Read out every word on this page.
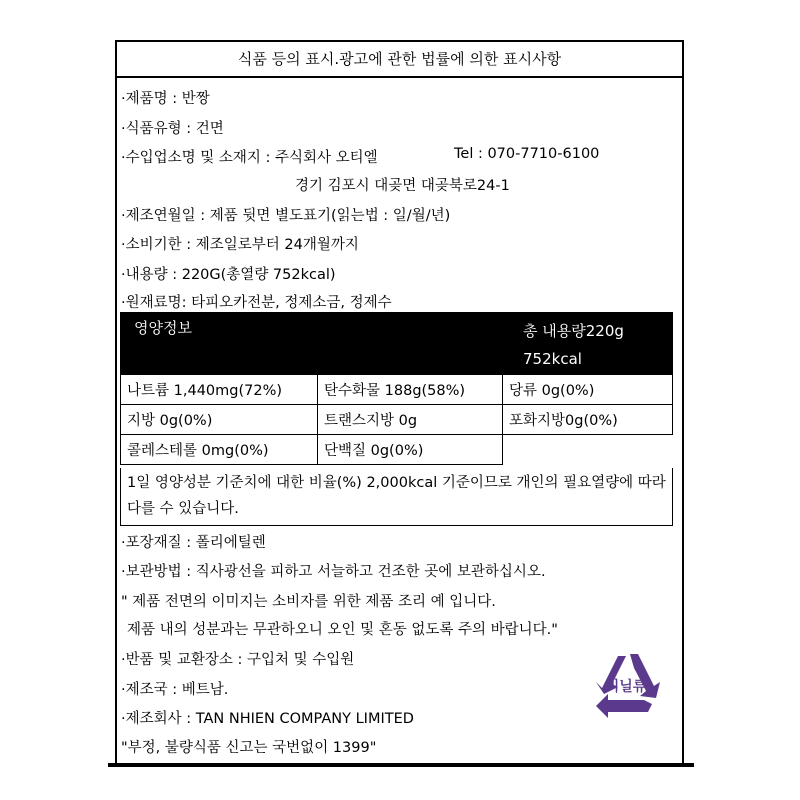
식품 등의 표시.광고에 관한 법률에 의한 표시사항
·제품명 : 반짱
·식품유형 : 건면
·수입업소명 및 소재지 : 주식회사 오티엘	Tel : 070-7710-6100
경기 김포시 대곶면 대곶북로24-1
·제조연월일 : 제품 뒷면 별도표기(읽는법 : 일/월/년)
·소비기한 : 제조일로부터 24개월까지
·내용량 : 220G(총열량 752kcal)
·원재료명: 타피오카전분, 정제소금, 정제수
영양정보	총 내용량220g
752kcal
나트륨 1,440mg(72%)	탄수화물 188g(58%)	당류 0g(0%)
지방 0g(0%)	트랜스지방 0g	포화지방0g(0%)
콜레스테롤 0mg(0%)	단백질 0g(0%)	
1일 영양성분 기준치에 대한 비율(%) 2,000kcal 기준이므로 개인의 필요열량에 따라 다를 수 있습니다.
·포장재질 : 폴리에틸렌
·보관방법 : 직사광선을 피하고 서늘하고 건조한 곳에 보관하십시오.
" 제품 전면의 이미지는 소비자를 위한 제품 조리 예 입니다.
제품 내의 성분과는 무관하오니 오인 및 혼동 없도록 주의 바랍니다."
·반품 및 교환장소 : 구입처 및 수입원
·제조국 : 베트남.
·제조회사 : TAN NHIEN COMPANY LIMITED
"부정, 불량식품 신고는 국번없이 1399"
비닐류
